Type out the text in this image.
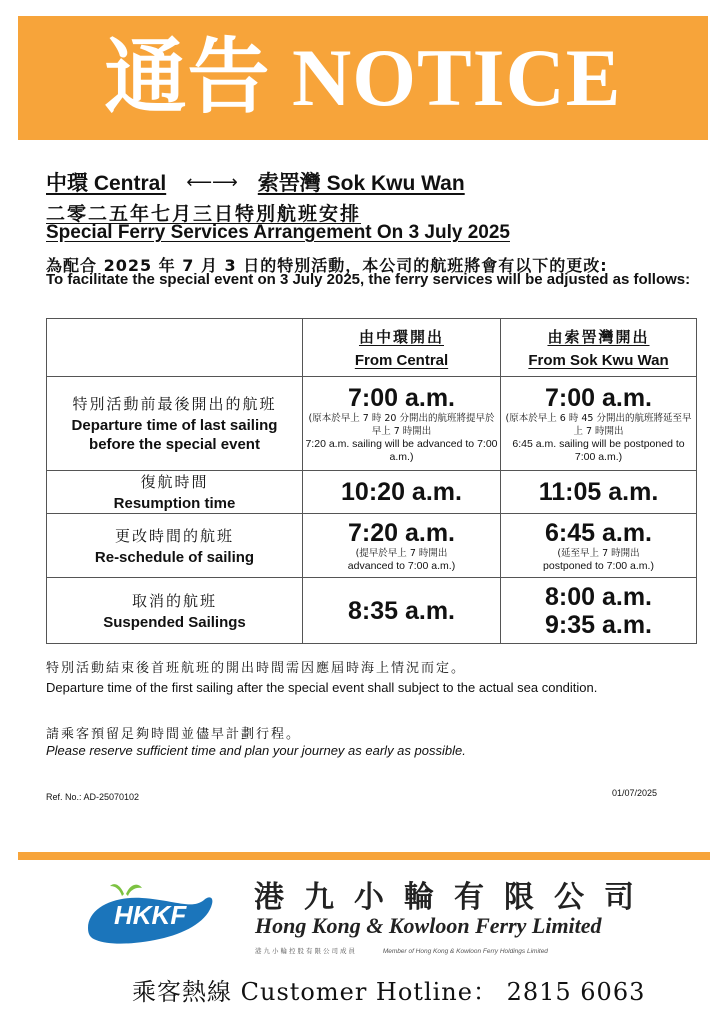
通告 NOTICE
中環 Central ⟵⟶ 索罟灣 Sok Kwu Wan
二零二五年七月三日特別航班安排
Special Ferry Services Arrangement On 3 July 2025
為配合 2025 年 7 月 3 日的特別活動，本公司的航班將會有以下的更改:
To facilitate the special event on 3 July 2025, the ferry services will be adjusted as follows:

	由中環開出
From Central	由索罟灣開出
From Sok Kwu Wan

特別活動前最後開出的航班
Departure time of last sailing before the special event	7:00 a.m.
(原本於早上 7 時 20 分開出的航班將提早於早上 7 時開出
7:20 a.m. sailing will be advanced to 7:00 a.m.)	7:00 a.m.
(原本於早上 6 時 45 分開出的航班將延至早上 7 時開出
6:45 a.m. sailing will be postponed to 7:00 a.m.)

復航時間
Resumption time	10:20 a.m.	11:05 a.m.

更改時間的航班
Re-schedule of sailing	7:20 a.m.
(提早於早上 7 時開出
advanced to 7:00 a.m.)	6:45 a.m.
(延至早上 7 時開出
postponed to 7:00 a.m.)

取消的航班
Suspended Sailings	8:35 a.m.	8:00 a.m.
9:35 a.m.
特別活動結束後首班航班的開出時間需因應屆時海上情況而定。
Departure time of the first sailing after the special event shall subject to the actual sea condition.
請乘客預留足夠時間並儘早計劃行程。
Please reserve sufficient time and plan your journey as early as possible.
Ref. No.: AD-25070102	01/07/2025
HKKF 港九小輪有限公司
Hong Kong & Kowloon Ferry Limited
港九小輪控股有限公司成員	Member of Hong Kong & Kowloon Ferry Holdings Limited
乘客熱線 Customer Hotline： 2815 6063
